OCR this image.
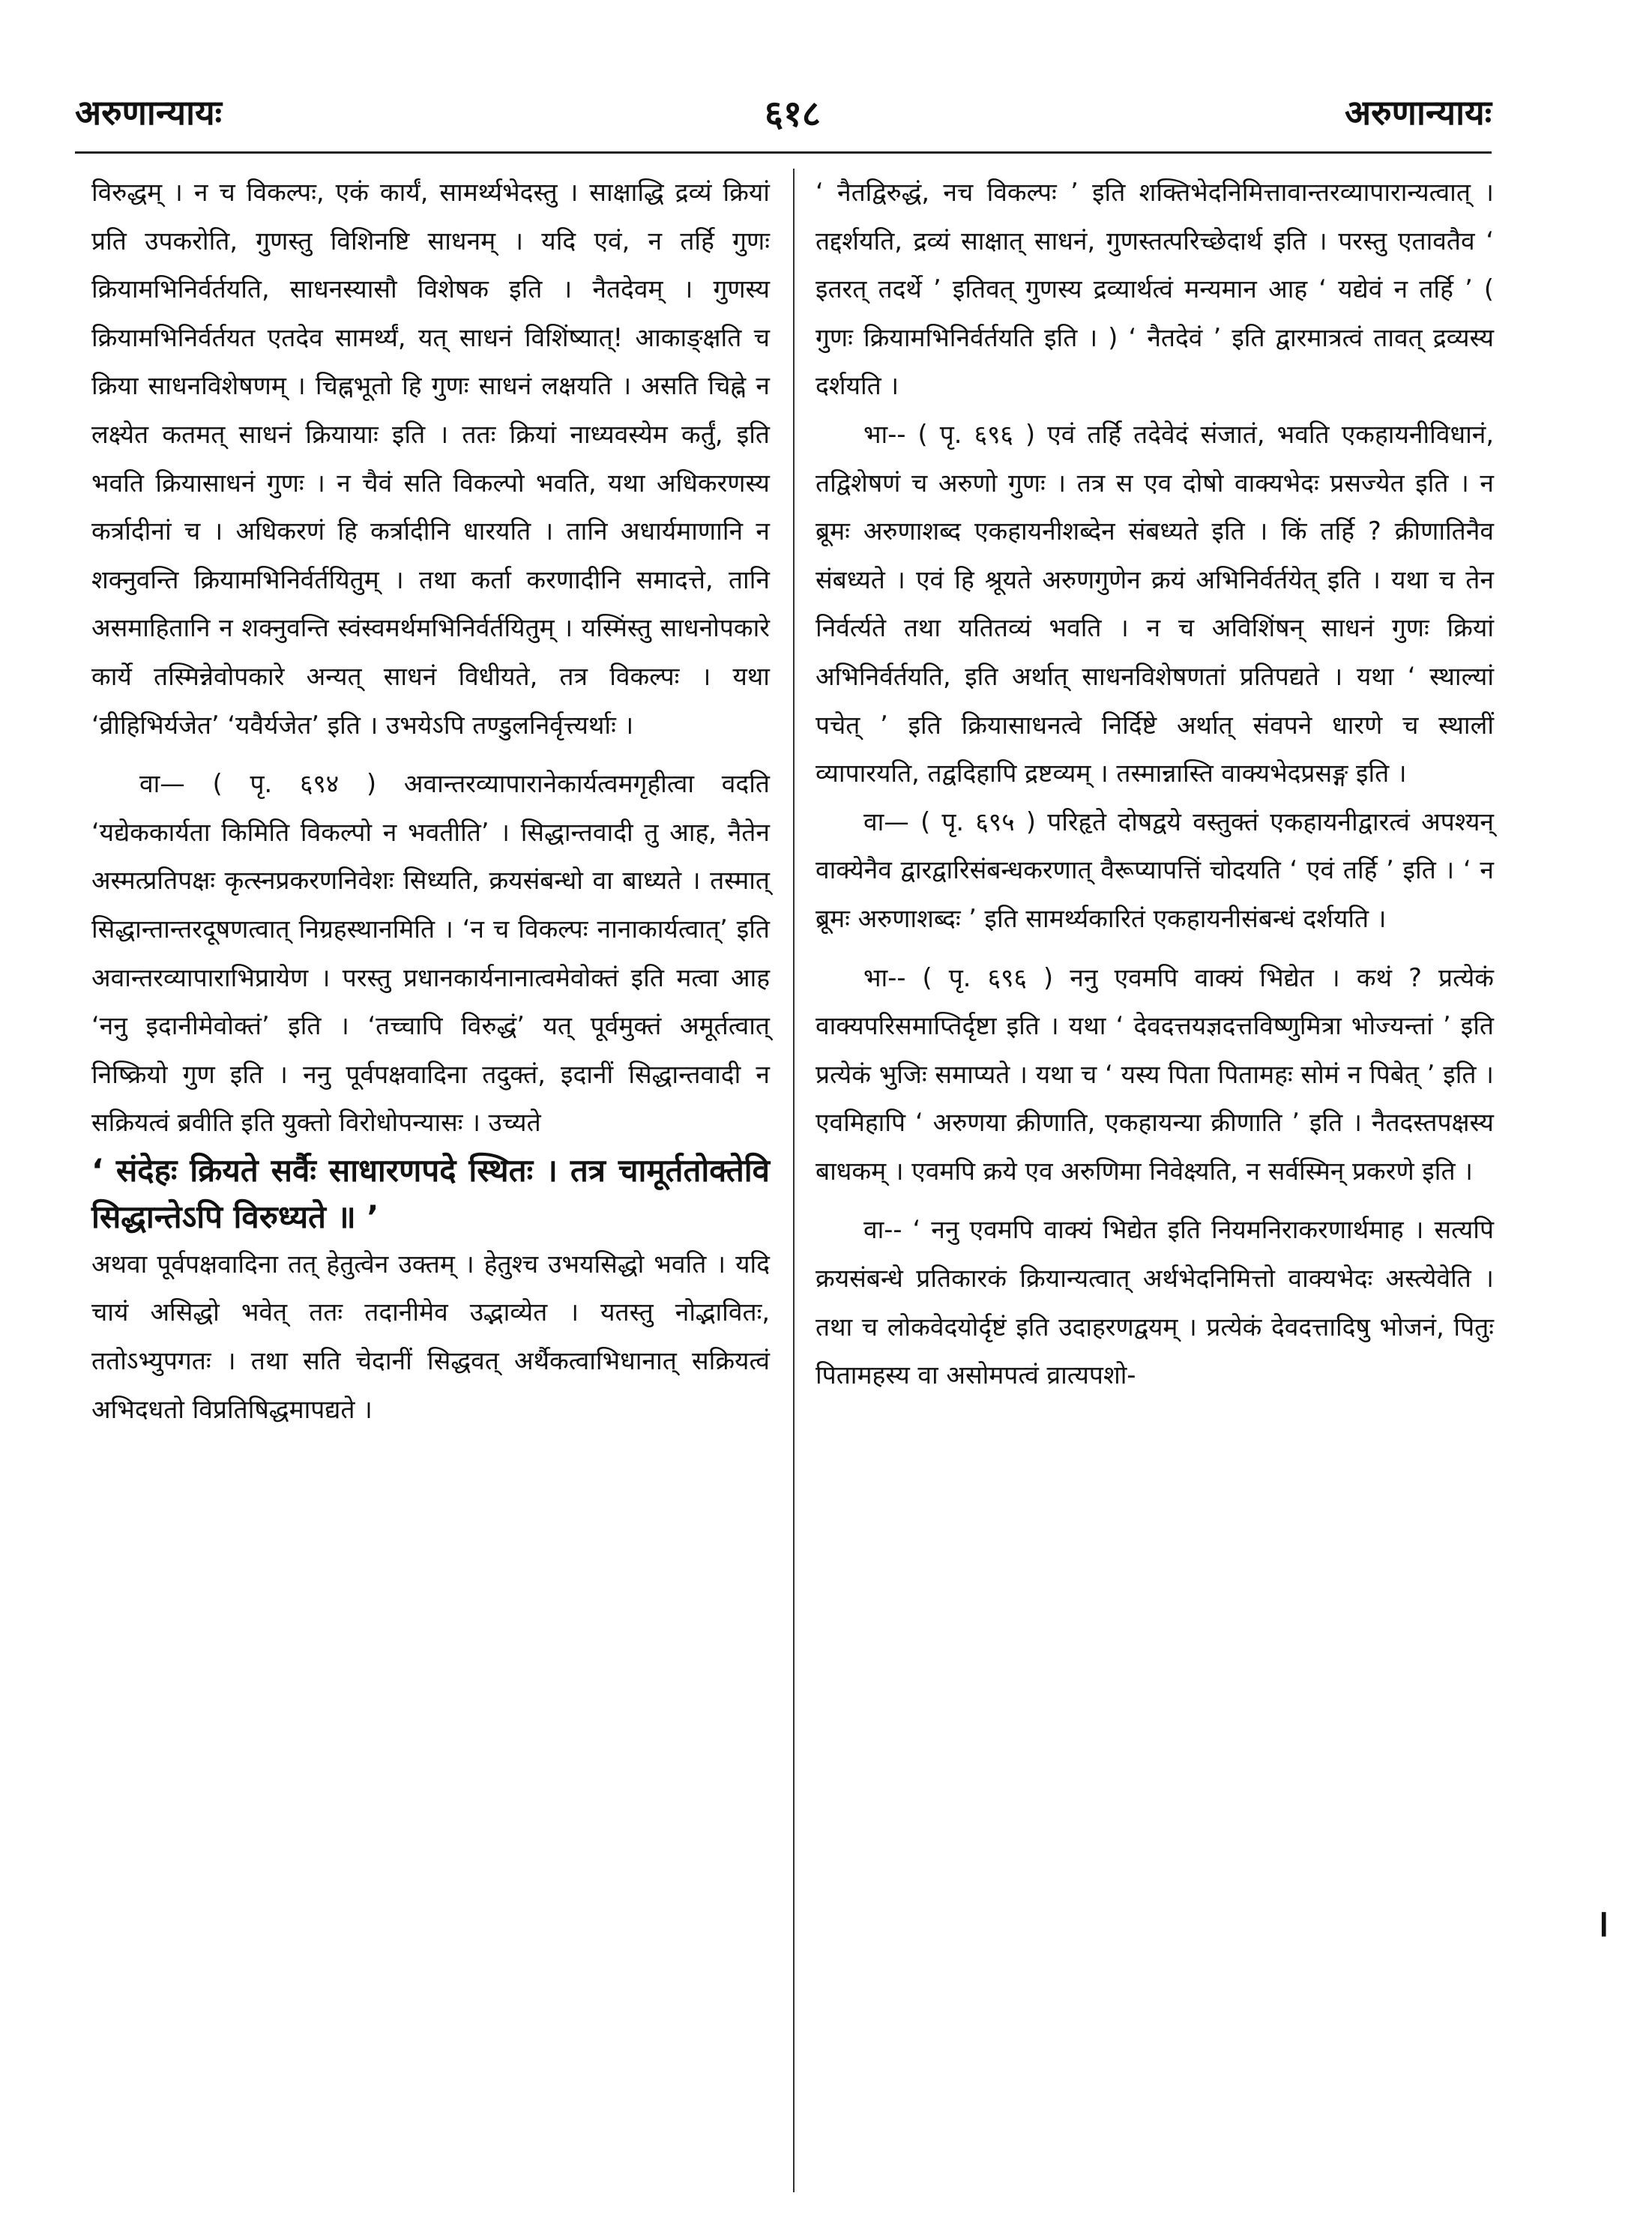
अरुणान्यायः	६१८	अरुणान्यायः

विरुद्धम् । न च विकल्पः, एकं कार्यं, सामर्थ्यभेदस्तु । साक्षाद्धि द्रव्यं क्रियां प्रति उपकरोति, गुणस्तु विशिनष्टि साधनम् । यदि एवं, न तर्हि गुणः क्रियामभिनिर्वर्तयति, साधनस्यासौ विशेषक इति । नैतदेवम् । गुणस्य क्रियामभिनिर्वर्तयत एतदेव सामर्थ्यं, यत् साधनं विशिंष्यात्! आकाङ्क्षति च क्रिया साधनविशेषणम् । चिह्नभूतो हि गुणः साधनं लक्षयति । असति चिह्ने न लक्ष्येत कतमत् साधनं क्रियायाः इति । ततः क्रियां नाध्यवस्येम कर्तुं, इति भवति क्रियासाधनं गुणः । न चैवं सति विकल्पो भवति, यथा अधिकरणस्य कर्त्रादीनां च । अधिकरणं हि कर्त्रादीनि धारयति । तानि अधार्यमाणानि न शक्नुवन्ति क्रियामभिनिर्वर्तयितुम् । तथा कर्ता करणादीनि समादत्ते, तानि असमाहितानि न शक्नुवन्ति स्वंस्वमर्थमभिनिर्वर्तयितुम् । यस्मिंस्तु साधनोपकारे कार्ये तस्मिन्नेवोपकारे अन्यत् साधनं विधीयते, तत्र विकल्पः । यथा ‘व्रीहिभिर्यजेत’ ‘यवैर्यजेत’ इति । उभयेऽपि तण्डुलनिर्वृत्त्यर्थाः ।

वा— ( पृ. ६९४ ) अवान्तरव्यापारानेकार्यत्वमगृहीत्वा वदति ‘यद्येककार्यता किमिति विकल्पो न भवतीति’ । सिद्धान्तवादी तु आह, नैतेन अस्मत्प्रतिपक्षः कृत्स्नप्रकरणनिवेशः सिध्यति, क्रयसंबन्धो वा बाध्यते । तस्मात् सिद्धान्तान्तरदूषणत्वात् निग्रहस्थानमिति । ‘न च विकल्पः नानाकार्यत्वात्’ इति अवान्तरव्यापाराभिप्रायेण । परस्तु प्रधानकार्यनानात्वमेवोक्तं इति मत्वा आह ‘ननु इदानीमेवोक्तं’ इति । ‘तच्चापि विरुद्धं’ यत् पूर्वमुक्तं अमूर्तत्वात् निष्क्रियो गुण इति । ननु पूर्वपक्षवादिना तदुक्तं, इदानीं सिद्धान्तवादी न सक्रियत्वं ब्रवीति इति युक्तो विरोधोपन्यासः । उच्यते

‘ संदेहः क्रियते सर्वैः साधारणपदे स्थितः । तत्र चामूर्ततोक्तेवि सिद्धान्तेऽपि विरुध्यते ॥ ’

अथवा पूर्वपक्षवादिना तत् हेतुत्वेन उक्तम् । हेतुश्च उभयसिद्धो भवति । यदि चायं असिद्धो भवेत् ततः तदानीमेव उद्भाव्येत । यतस्तु नोद्भावितः, ततोऽभ्युपगतः । तथा सति चेदानीं सिद्धवत् अर्थैकत्वाभिधानात् सक्रियत्वं अभिदधतो विप्रतिषिद्धमापद्यते ।

‘ नैतद्विरुद्धं, नच विकल्पः ’ इति शक्तिभेदनिमित्तावान्तरव्यापारान्यत्वात् । तद्दर्शयति, द्रव्यं साक्षात् साधनं, गुणस्तत्परिच्छेदार्थ इति । परस्तु एतावतैव ‘ इतरत् तदर्थे ’ इतिवत् गुणस्य द्रव्यार्थत्वं मन्यमान आह ‘ यद्येवं न तर्हि ’ ( गुणः क्रियामभिनिर्वर्तयति इति । ) ‘ नैतदेवं ’ इति द्वारमात्रत्वं तावत् द्रव्यस्य दर्शयति ।

भा-- ( पृ. ६९६ ) एवं तर्हि तदेवेदं संजातं, भवति एकहायनीविधानं, तद्विशेषणं च अरुणो गुणः । तत्र स एव दोषो वाक्यभेदः प्रसज्येत इति । न ब्रूमः अरुणाशब्द एकहायनीशब्देन संबध्यते इति । किं तर्हि ? क्रीणातिनैव संबध्यते । एवं हि श्रूयते अरुणगुणेन क्रयं अभिनिर्वर्तयेत् इति । यथा च तेन निर्वर्त्यते तथा यतितव्यं भवति । न च अविशिंषन् साधनं गुणः क्रियां अभिनिर्वर्तयति, इति अर्थात् साधनविशेषणतां प्रतिपद्यते । यथा ‘ स्थाल्यां पचेत् ’ इति क्रियासाधनत्वे निर्दिष्टे अर्थात् संवपने धारणे च स्थालीं व्यापारयति, तद्वदिहापि द्रष्टव्यम् । तस्मान्नास्ति वाक्यभेदप्रसङ्ग इति ।

वा— ( पृ. ६९५ ) परिहृते दोषद्वये वस्तुक्तं एकहायनीद्वारत्वं अपश्यन् वाक्येनैव द्वारद्वारिसंबन्धकरणात् वैरूप्यापत्तिं चोदयति ‘ एवं तर्हि ’ इति । ‘ न ब्रूमः अरुणाशब्दः ’ इति सामर्थ्यकारितं एकहायनीसंबन्धं दर्शयति ।

भा-- ( पृ. ६९६ ) ननु एवमपि वाक्यं भिद्येत । कथं ? प्रत्येकं वाक्यपरिसमाप्तिर्दृष्टा इति । यथा ‘ देवदत्तयज्ञदत्तविष्णुमित्रा भोज्यन्तां ’ इति प्रत्येकं भुजिः समाप्यते । यथा च ‘ यस्य पिता पितामहः सोमं न पिबेत् ’ इति । एवमिहापि ‘ अरुणया क्रीणाति, एकहायन्या क्रीणाति ’ इति । नैतदस्तपक्षस्य बाधकम् । एवमपि क्रये एव अरुणिमा निवेक्ष्यति, न सर्वस्मिन् प्रकरणे इति ।

वा-- ‘ ननु एवमपि वाक्यं भिद्येत इति नियमनिराकरणार्थमाह । सत्यपि क्रयसंबन्धे प्रतिकारकं क्रियान्यत्वात् अर्थभेदनिमित्तो वाक्यभेदः अस्त्येवेति । तथा च लोकवेदयोर्दृष्टं इति उदाहरणद्वयम् । प्रत्येकं देवदत्तादिषु भोजनं, पितुः पितामहस्य वा असोमपत्वं व्रात्यपशो-

।
